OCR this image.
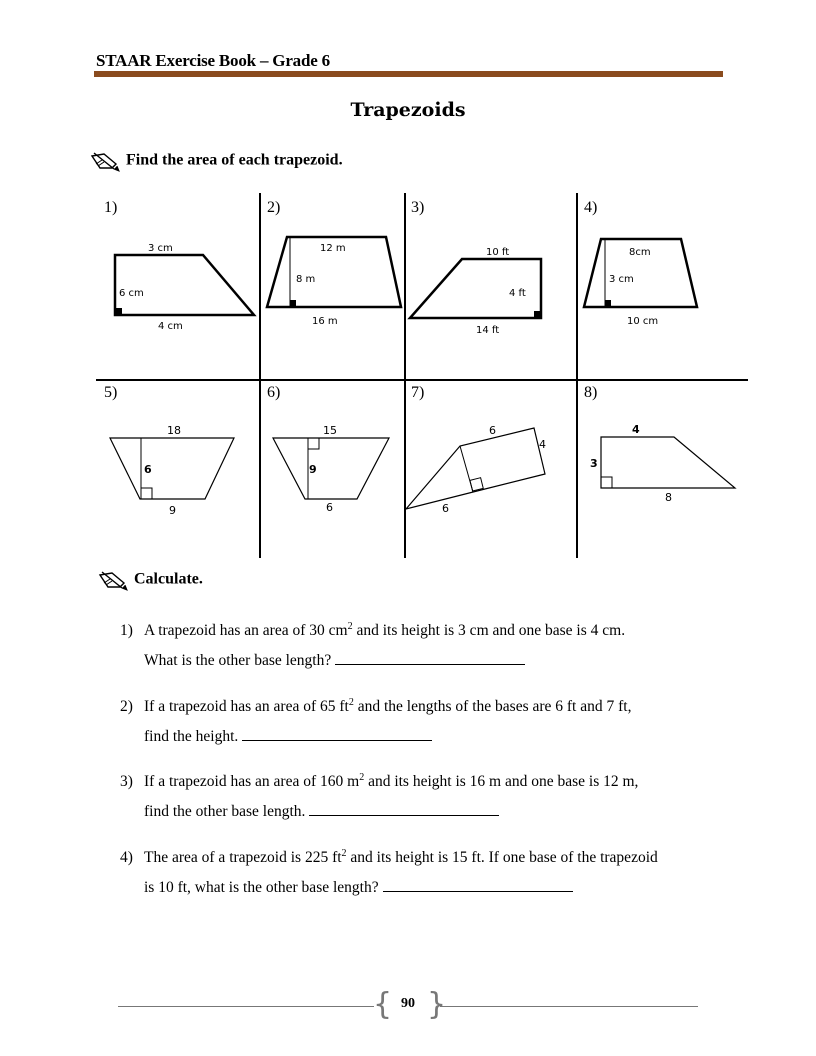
STAAR Exercise Book – Grade 6
Trapezoids
Find the area of each trapezoid.
3 cm
6 cm
4 cm
12 m
8 m
16 m
10 ft
4 ft
14 ft
8cm
3 cm
10 cm
18
6
9
15
9
6
6
4
6
4
3
8
1)	2)	3)	4)
5)	6)	7)	8)
Calculate.
1) A trapezoid has an area of 30 $cm^2$ and its height is 3 cm and one base is 4 cm.
What is the other base length?
2) If a trapezoid has an area of 65 $ft^2$ and the lengths of the bases are 6 ft and 7 ft,
find the height.
3) If a trapezoid has an area of 160 $m^2$ and its height is 16 m and one base is 12 m,
find the other base length.
4) The area of a trapezoid is 225 $ft^2$ and its height is 15 ft. If one base of the trapezoid
is 10 ft, what is the other base length?
{ }
90
